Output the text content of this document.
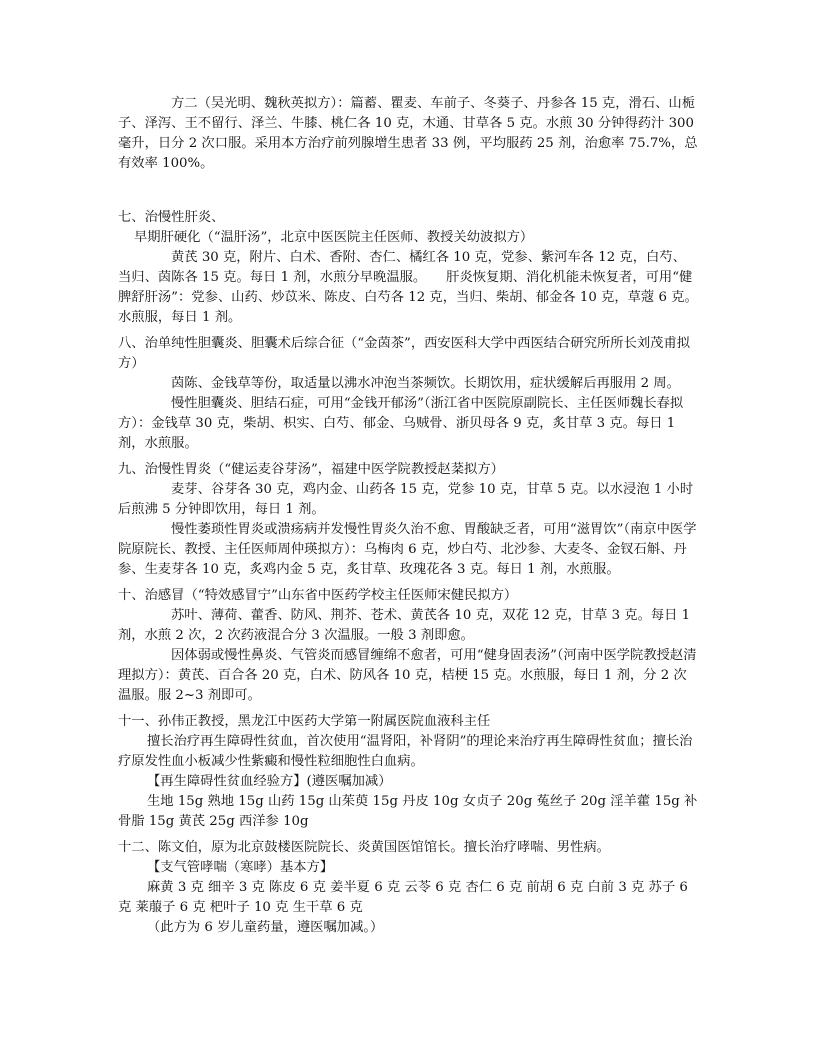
方二（吴光明、魏秋英拟方）：篇蓄、瞿麦、车前子、冬葵子、丹参各 15 克，滑石、山栀子、泽泻、王不留行、泽兰、牛膝、桃仁各 10 克，木通、甘草各 5 克。水煎 30 分钟得药汁 300 毫升，日分 2 次口服。采用本方治疗前列腺增生患者 33 例，平均服药 25 剂，治愈率 75.7%，总有效率 100%。

七、治慢性肝炎、

早期肝硬化（“温肝汤”，北京中医医院主任医师、教授关幼波拟方）

黄芪 30 克，附片、白术、香附、杏仁、橘红各 10 克，党参、紫河车各 12 克，白芍、当归、茵陈各 15 克。每日 1 剂，水煎分早晚温服。　　肝炎恢复期、消化机能未恢复者，可用“健脾舒肝汤”：党参、山药、炒苡米、陈皮、白芍各 12 克，当归、柴胡、郁金各 10 克，草蔻 6 克。水煎服，每日 1 剂。

八、治单纯性胆囊炎、胆囊术后综合征（“金茵茶”，西安医科大学中西医结合研究所所长刘茂甫拟方）

茵陈、金钱草等份，取适量以沸水冲泡当茶频饮。长期饮用，症状缓解后再服用 2 周。

慢性胆囊炎、胆结石症，可用“金钱开郁汤”（浙江省中医院原副院长、主任医师魏长春拟方）：金钱草 30 克，柴胡、枳实、白芍、郁金、乌贼骨、浙贝母各 9 克，炙甘草 3 克。每日 1 剂，水煎服。

九、治慢性胃炎（“健运麦谷芽汤”，福建中医学院教授赵棻拟方）

麦芽、谷芽各 30 克，鸡内金、山药各 15 克，党参 10 克，甘草 5 克。以水浸泡 1 小时后煎沸 5 分钟即饮用，每日 1 剂。

慢性萎琐性胃炎或溃疡病并发慢性胃炎久治不愈、胃酸缺乏者，可用“滋胃饮”（南京中医学院原院长、教授、主任医师周仲瑛拟方）：乌梅肉 6 克，炒白芍、北沙参、大麦冬、金钗石斛、丹参、生麦芽各 10 克，炙鸡内金 5 克，炙甘草、玫瑰花各 3 克。每日 1 剂，水煎服。

十、治感冒（“特效感冒宁”山东省中医药学校主任医师宋健民拟方）

苏叶、薄荷、藿香、防风、荆芥、苍术、黄芪各 10 克，双花 12 克，甘草 3 克。每日 1 剂，水煎 2 次，2 次药液混合分 3 次温服。一般 3 剂即愈。

因体弱或慢性鼻炎、气管炎而感冒缠绵不愈者，可用“健身固表汤”（河南中医学院教授赵清理拟方）：黄芪、百合各 20 克，白术、防风各 10 克，桔梗 15 克。水煎服，每日 1 剂，分 2 次温服。服 2~3 剂即可。

十一、孙伟正教授，黑龙江中医药大学第一附属医院血液科主任

擅长治疗再生障碍性贫血，首次使用“温肾阳，补肾阴”的理论来治疗再生障碍性贫血；擅长治疗原发性血小板减少性紫癜和慢性粒细胞性白血病。

【再生障碍性贫血经验方】(遵医嘱加减）

生地 15g 熟地 15g 山药 15g 山茱萸 15g 丹皮 10g 女贞子 20g 菟丝子 20g 淫羊藿 15g 补骨脂 15g 黄芪 25g 西洋参 10g

十二、陈文伯，原为北京鼓楼医院院长、炎黄国医馆馆长。擅长治疗哮喘、男性病。

【支气管哮喘（寒哮）基本方】

麻黄 3 克 细辛 3 克 陈皮 6 克 姜半夏 6 克 云苓 6 克 杏仁 6 克 前胡 6 克 白前 3 克 苏子 6 克 莱菔子 6 克 杷叶子 10 克 生干草 6 克

（此方为 6 岁儿童药量，遵医嘱加减。）
